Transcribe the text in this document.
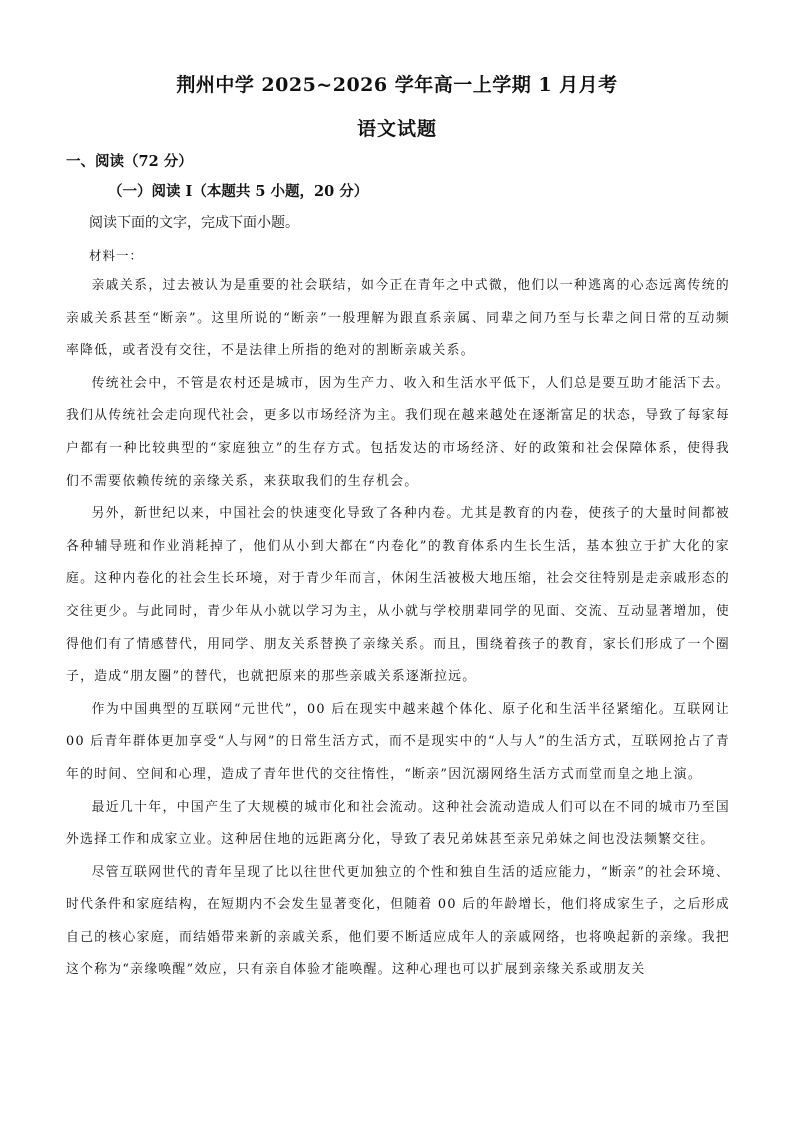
荆州中学 2025~2026 学年高一上学期 1 月月考
语文试题
一、阅读（72 分）
（一）阅读 I（本题共 5 小题，20 分）
阅读下面的文字，完成下面小题。
材料一：

亲戚关系，过去被认为是重要的社会联结，如今正在青年之中式微，他们以一种逃离的心态远离传统的亲戚关系甚至“断亲”。这里所说的“断亲”一般理解为跟直系亲属、同辈之间乃至与长辈之间日常的互动频率降低，或者没有交往，不是法律上所指的绝对的割断亲戚关系。

传统社会中，不管是农村还是城市，因为生产力、收入和生活水平低下，人们总是要互助才能活下去。我们从传统社会走向现代社会，更多以市场经济为主。我们现在越来越处在逐渐富足的状态，导致了每家每户都有一种比较典型的“家庭独立”的生存方式。包括发达的市场经济、好的政策和社会保障体系，使得我们不需要依赖传统的亲缘关系，来获取我们的生存机会。

另外，新世纪以来，中国社会的快速变化导致了各种内卷。尤其是教育的内卷，使孩子的大量时间都被各种辅导班和作业消耗掉了，他们从小到大都在“内卷化”的教育体系内生长生活，基本独立于扩大化的家庭。这种内卷化的社会生长环境，对于青少年而言，休闲生活被极大地压缩，社会交往特别是走亲戚形态的交往更少。与此同时，青少年从小就以学习为主，从小就与学校朋辈同学的见面、交流、互动显著增加，使得他们有了情感替代，用同学、朋友关系替换了亲缘关系。而且，围绕着孩子的教育，家长们形成了一个圈子，造成“朋友圈”的替代，也就把原来的那些亲戚关系逐渐拉远。

作为中国典型的互联网“元世代”，00 后在现实中越来越个体化、原子化和生活半径紧缩化。互联网让 00 后青年群体更加享受“人与网”的日常生活方式，而不是现实中的“人与人”的生活方式，互联网抢占了青年的时间、空间和心理，造成了青年世代的交往惰性，“断亲”因沉溺网络生活方式而堂而皇之地上演。

最近几十年，中国产生了大规模的城市化和社会流动。这种社会流动造成人们可以在不同的城市乃至国外选择工作和成家立业。这种居住地的远距离分化，导致了表兄弟妹甚至亲兄弟妹之间也没法频繁交往。

尽管互联网世代的青年呈现了比以往世代更加独立的个性和独自生活的适应能力，“断亲”的社会环境、时代条件和家庭结构，在短期内不会发生显著变化，但随着 00 后的年龄增长，他们将成家生子，之后形成自己的核心家庭，而结婚带来新的亲戚关系，他们要不断适应成年人的亲戚网络，也将唤起新的亲缘。我把这个称为“亲缘唤醒”效应，只有亲自体验才能唤醒。这种心理也可以扩展到亲缘关系或朋友关
